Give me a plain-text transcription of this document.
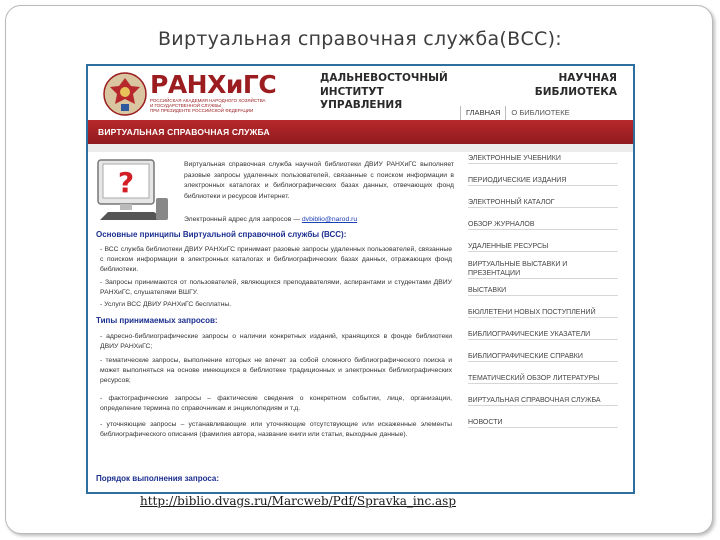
Виртуальная справочная служба(ВСС):
РАНХиГС
РОССИЙСКАЯ АКАДЕМИЯ НАРОДНОГО ХОЗЯЙСТВА
И ГОСУДАРСТВЕННОЙ СЛУЖБЫ
ПРИ ПРЕЗИДЕНТЕ РОССИЙСКОЙ ФЕДЕРАЦИИ
ДАЛЬНЕВОСТОЧНЫЙ
ИНСТИТУТ
УПРАВЛЕНИЯ
НАУЧНАЯ
БИБЛИОТЕКА
ГЛАВНАЯ	О БИБЛИОТЕКЕ
ВИРТУАЛЬНАЯ СПРАВОЧНАЯ СЛУЖБА
?
Виртуальная справочная служба научной библиотеки ДВИУ РАНХиГС выполняет разовые запросы удаленных пользователей, связанные с поиском информации в электронных каталогах и библиографических базах данных, отвечающих фонд библиотеки и ресурсов Интернет.
Электронный адрес для запросов — dvbiblio@narod.ru
Основные принципы Виртуальной справочной службы (ВСС):
- ВСС служба библиотеки ДВИУ РАНХиГС принимает разовые запросы удаленных пользователей, связанные с поиском информации в электронных каталогах и библиографических базах данных, отражающих фонд библиотеки.
- Запросы принимаются от пользователей, являющихся преподавателями, аспирантами и студентами ДВИУ РАНХиГС, слушателями ВШГУ.
- Услуги ВСС ДВИУ РАНХиГС бесплатны.
Типы принимаемых запросов:
- адресно-библиографические запросы о наличии конкретных изданий, хранящихся в фонде библиотеки ДВИУ РАНХиГС;
- тематические запросы, выполнение которых не влечет за собой сложного библиографического поиска и может выполняться на основе имеющихся в библиотеке традиционных и электронных библиографических ресурсов;
- фактографические запросы – фактические сведения о конкретном событии, лице, организации, определение термина по справочникам и энциклопедиям и т.д.
- уточняющие запросы – устанавливающие или уточняющие отсутствующие или искаженные элементы библиографического описания (фамилия автора, название книги или статьи, выходные данные).
Порядок выполнения запроса:
ЭЛЕКТРОННЫЕ УЧЕБНИКИ
ПЕРИОДИЧЕСКИЕ ИЗДАНИЯ
ЭЛЕКТРОННЫЙ КАТАЛОГ
ОБЗОР ЖУРНАЛОВ
УДАЛЕННЫЕ РЕСУРСЫ
ВИРТУАЛЬНЫЕ ВЫСТАВКИ И ПРЕЗЕНТАЦИИ
ВЫСТАВКИ
БЮЛЛЕТЕНИ НОВЫХ ПОСТУПЛЕНИЙ
БИБЛИОГРАФИЧЕСКИЕ УКАЗАТЕЛИ
БИБЛИОГРАФИЧЕСКИЕ СПРАВКИ
ТЕМАТИЧЕСКИЙ ОБЗОР ЛИТЕРАТУРЫ
ВИРТУАЛЬНАЯ СПРАВОЧНАЯ СЛУЖБА
НОВОСТИ
http://biblio.dvags.ru/Marcweb/Pdf/Spravka_inc.asp
